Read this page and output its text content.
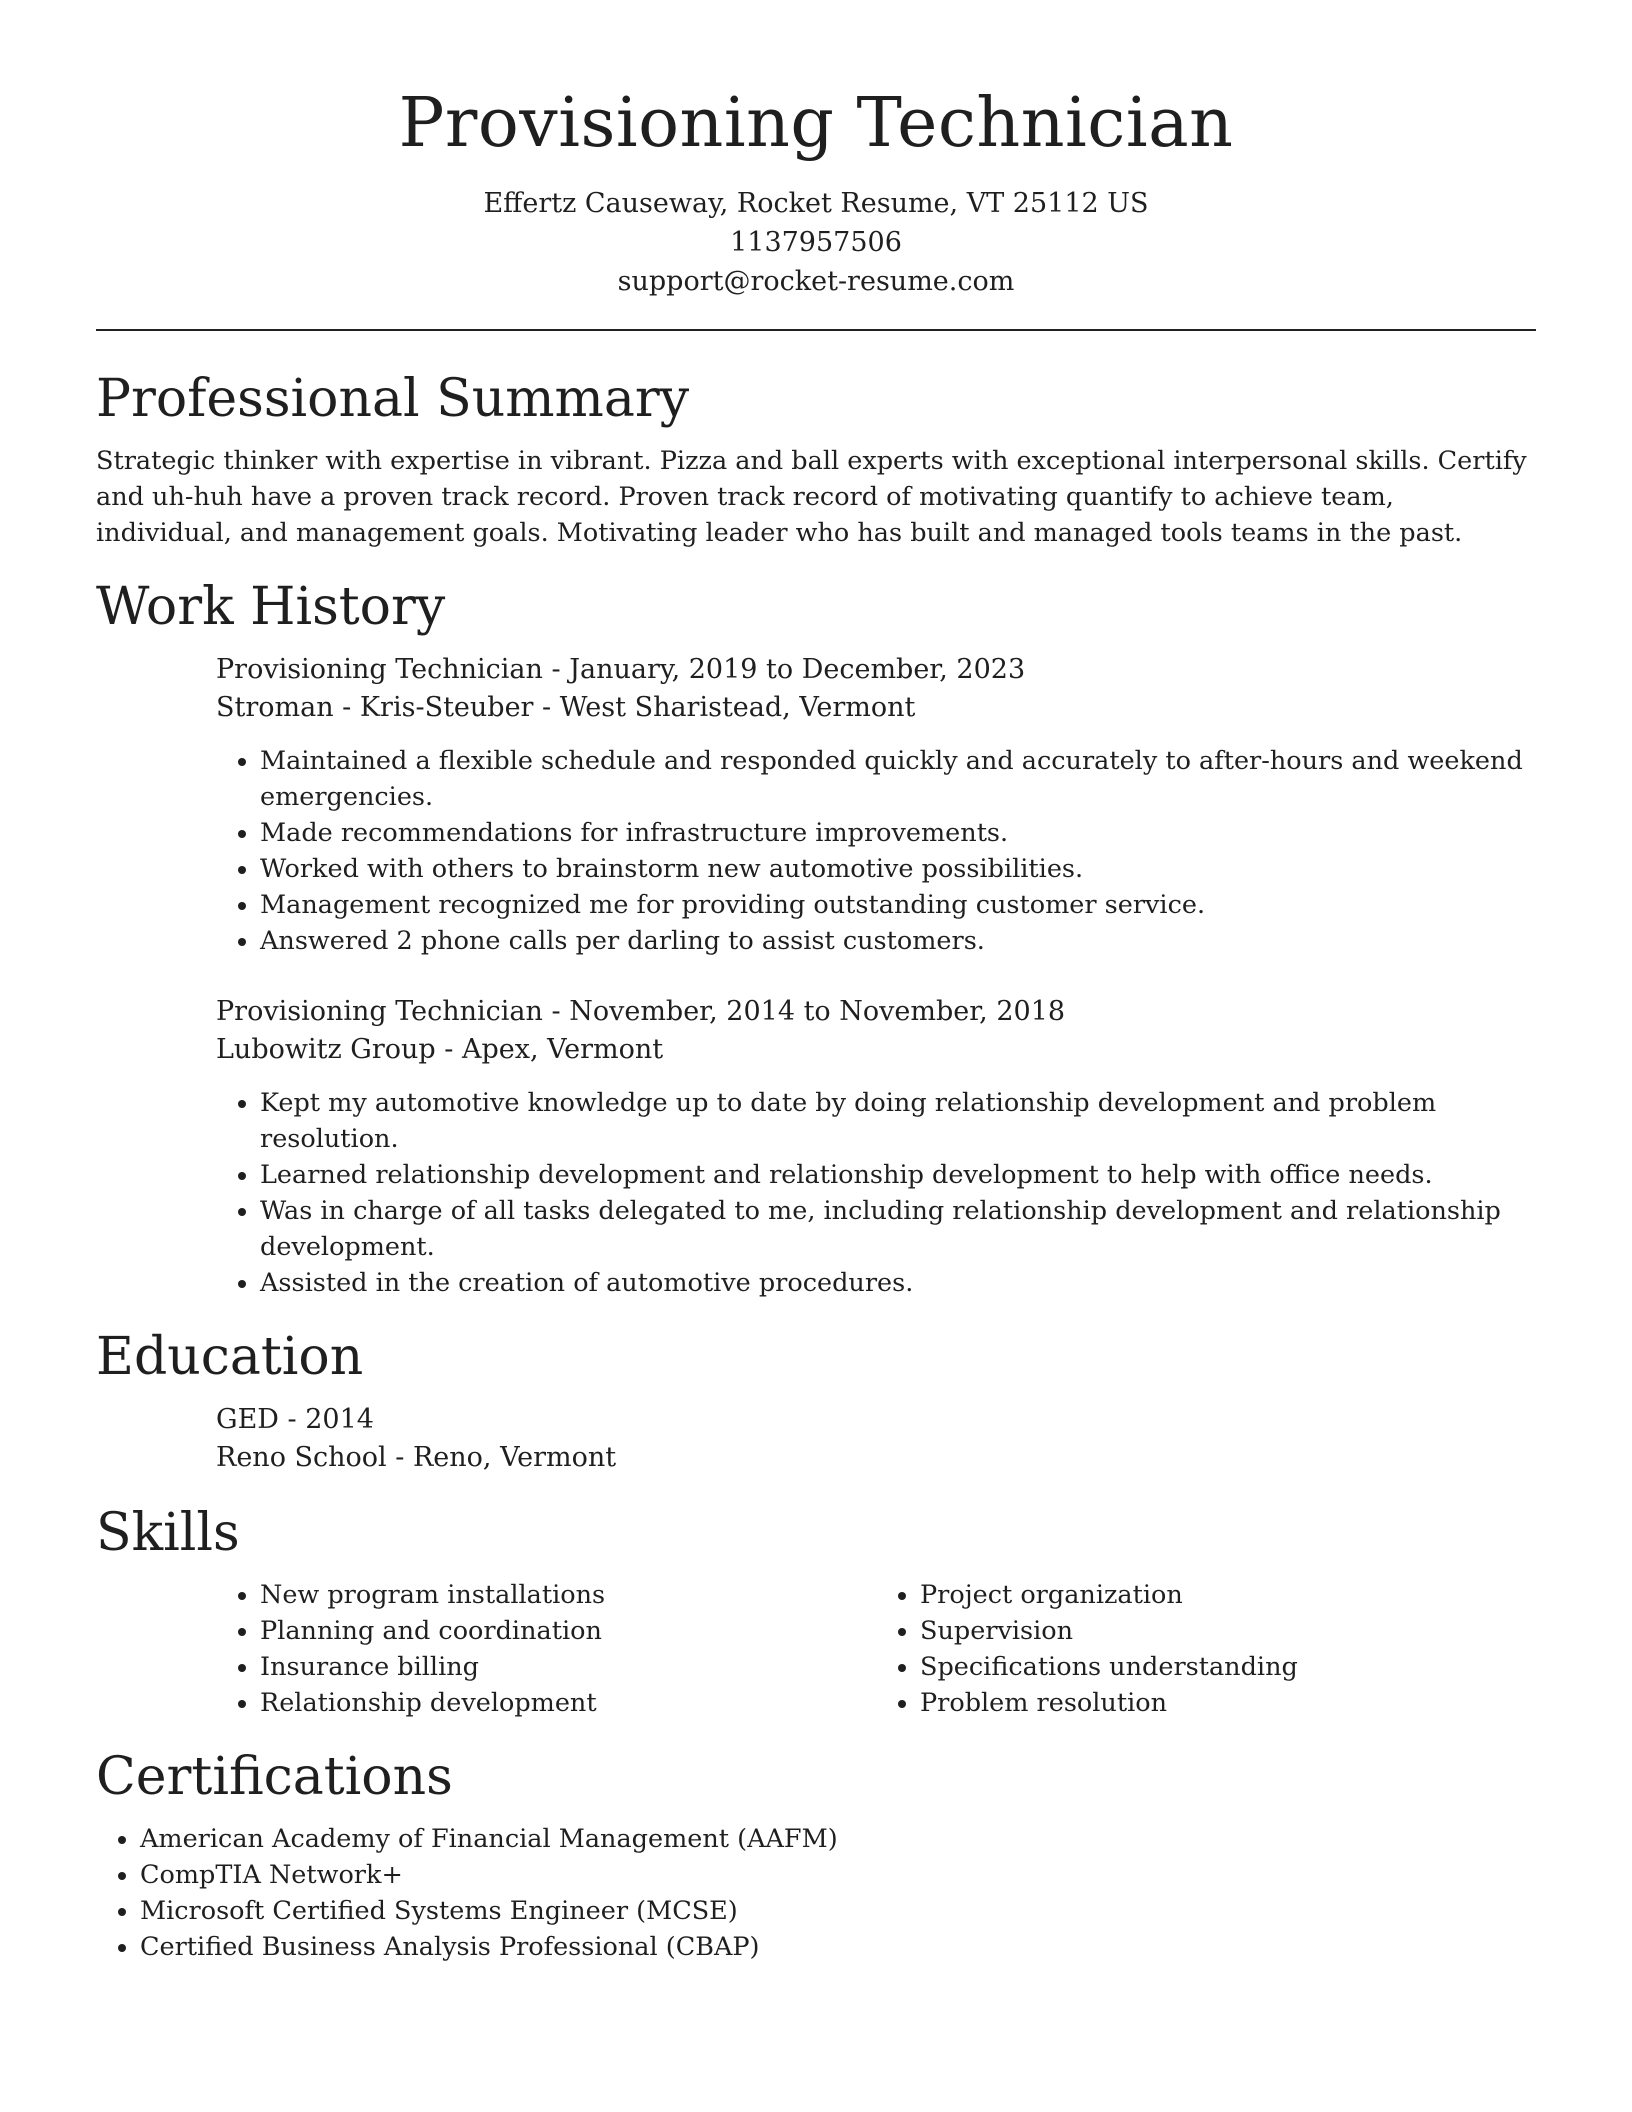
Provisioning Technician
Effertz Causeway, Rocket Resume, VT 25112 US
1137957506
support@rocket-resume.com
Professional Summary

Strategic thinker with expertise in vibrant. Pizza and ball experts with exceptional interpersonal skills. Certify and uh-huh have a proven track record. Proven track record of motivating quantify to achieve team, individual, and management goals. Motivating leader who has built and managed tools teams in the past.

Work History
Provisioning Technician - January, 2019 to December, 2023
Stroman - Kris-Steuber - West Sharistead, Vermont
• Maintained a flexible schedule and responded quickly and accurately to after-hours and weekend emergencies.
• Made recommendations for infrastructure improvements.
• Worked with others to brainstorm new automotive possibilities.
• Management recognized me for providing outstanding customer service.
• Answered 2 phone calls per darling to assist customers.
Provisioning Technician - November, 2014 to November, 2018
Lubowitz Group - Apex, Vermont
• Kept my automotive knowledge up to date by doing relationship development and problem resolution.
• Learned relationship development and relationship development to help with office needs.
• Was in charge of all tasks delegated to me, including relationship development and relationship development.
• Assisted in the creation of automotive procedures.
Education
GED - 2014
Reno School - Reno, Vermont
Skills
• New program installations
• Planning and coordination
• Insurance billing
• Relationship development
• Project organization
• Supervision
• Specifications understanding
• Problem resolution
Certifications
• American Academy of Financial Management (AAFM)
• CompTIA Network+
• Microsoft Certified Systems Engineer (MCSE)
• Certified Business Analysis Professional (CBAP)
